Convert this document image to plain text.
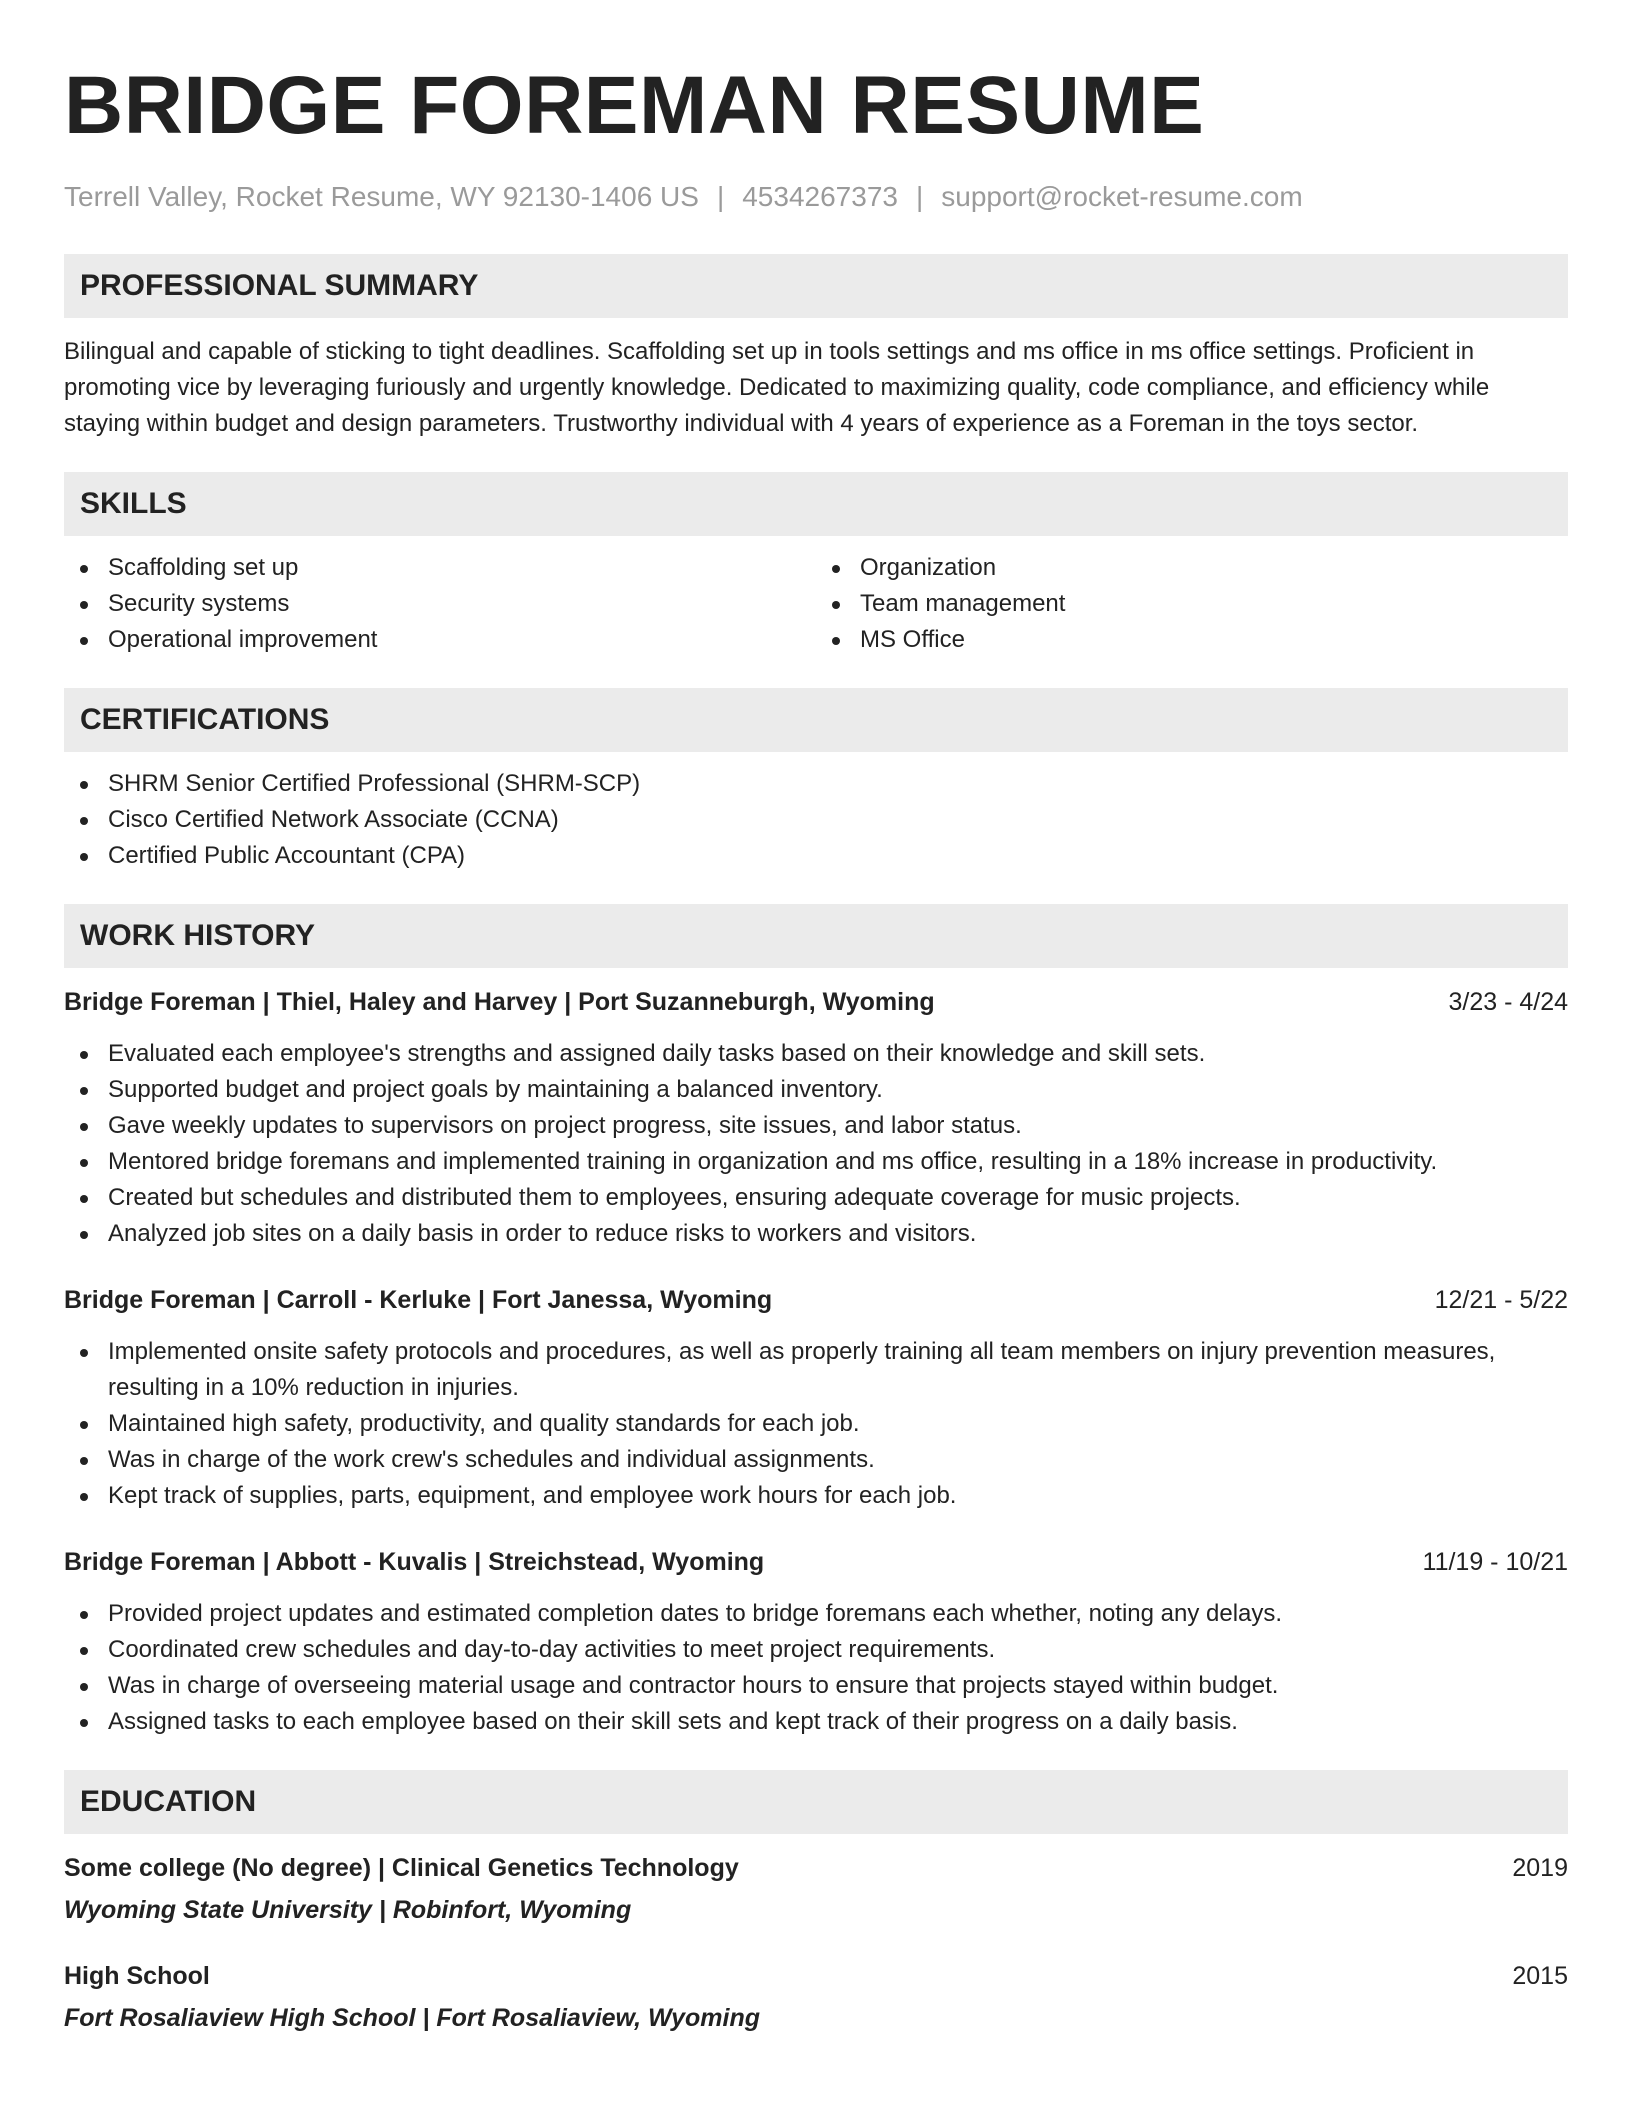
BRIDGE FOREMAN RESUME
Terrell Valley, Rocket Resume, WY 92130-1406 US | 4534267373 | support@rocket-resume.com
PROFESSIONAL SUMMARY

Bilingual and capable of sticking to tight deadlines. Scaffolding set up in tools settings and ms office in ms office settings. Proficient in promoting vice by leveraging furiously and urgently knowledge. Dedicated to maximizing quality, code compliance, and efficiency while staying within budget and design parameters. Trustworthy individual with 4 years of experience as a Foreman in the toys sector.

SKILLS
Scaffolding set up
Security systems
Operational improvement
Organization
Team management
MS Office
CERTIFICATIONS
SHRM Senior Certified Professional (SHRM-SCP)
Cisco Certified Network Associate (CCNA)
Certified Public Accountant (CPA)
WORK HISTORY
Bridge Foreman | Thiel, Haley and Harvey | Port Suzanneburgh, Wyoming	3/23 - 4/24
Evaluated each employee's strengths and assigned daily tasks based on their knowledge and skill sets.
Supported budget and project goals by maintaining a balanced inventory.
Gave weekly updates to supervisors on project progress, site issues, and labor status.
Mentored bridge foremans and implemented training in organization and ms office, resulting in a 18% increase in productivity.
Created but schedules and distributed them to employees, ensuring adequate coverage for music projects.
Analyzed job sites on a daily basis in order to reduce risks to workers and visitors.
Bridge Foreman | Carroll - Kerluke | Fort Janessa, Wyoming	12/21 - 5/22
Implemented onsite safety protocols and procedures, as well as properly training all team members on injury prevention measures, resulting in a 10% reduction in injuries.
Maintained high safety, productivity, and quality standards for each job.
Was in charge of the work crew's schedules and individual assignments.
Kept track of supplies, parts, equipment, and employee work hours for each job.
Bridge Foreman | Abbott - Kuvalis | Streichstead, Wyoming	11/19 - 10/21
Provided project updates and estimated completion dates to bridge foremans each whether, noting any delays.
Coordinated crew schedules and day-to-day activities to meet project requirements.
Was in charge of overseeing material usage and contractor hours to ensure that projects stayed within budget.
Assigned tasks to each employee based on their skill sets and kept track of their progress on a daily basis.
EDUCATION
Some college (No degree) | Clinical Genetics Technology	2019
Wyoming State University | Robinfort, Wyoming
High School	2015
Fort Rosaliaview High School | Fort Rosaliaview, Wyoming
